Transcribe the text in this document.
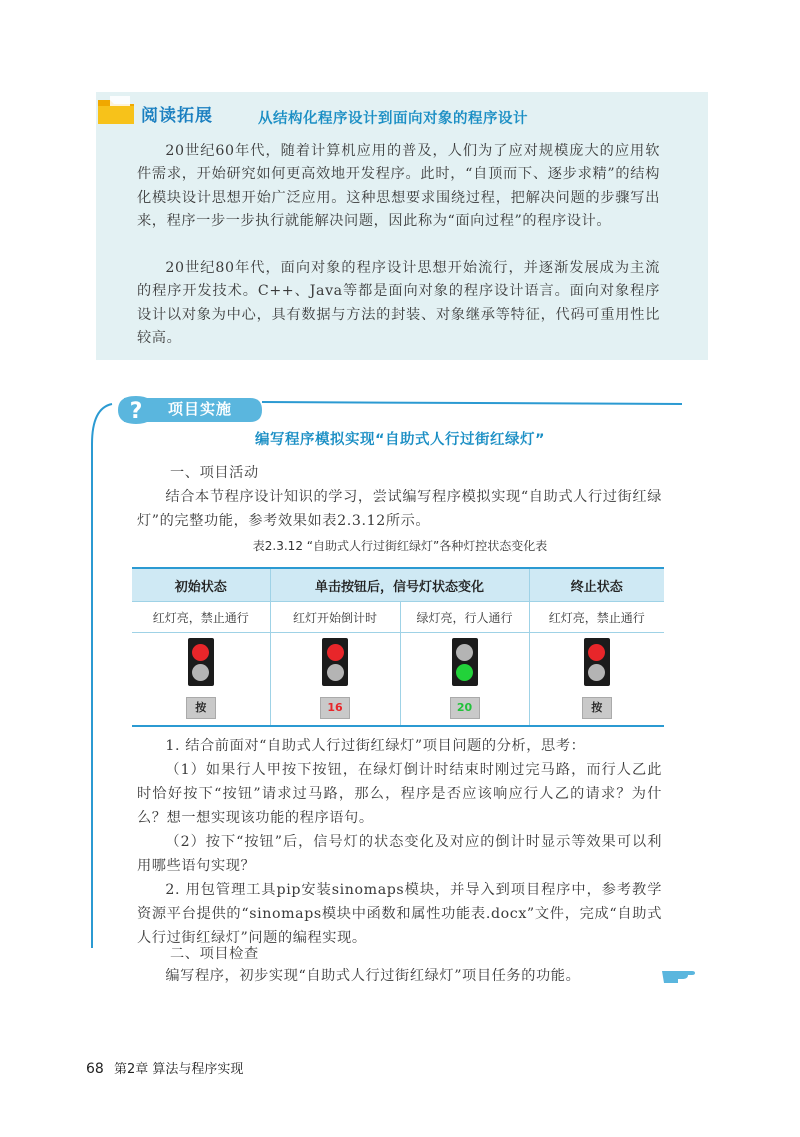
阅读拓展	从结构化程序设计到面向对象的程序设计
20世纪60年代，随着计算机应用的普及，人们为了应对规模庞大的应用软件需求，开始研究如何更高效地开发程序。此时，“自顶而下、逐步求精”的结构化模块设计思想开始广泛应用。这种思想要求围绕过程，把解决问题的步骤写出来，程序一步一步执行就能解决问题，因此称为“面向过程”的程序设计。
20世纪80年代，面向对象的程序设计思想开始流行，并逐渐发展成为主流的程序开发技术。C++、Java等都是面向对象的程序设计语言。面向对象程序设计以对象为中心，具有数据与方法的封装、对象继承等特征，代码可重用性比较高。
? 项目实施
编写程序模拟实现“自助式人行过街红绿灯”
一、项目活动
结合本节程序设计知识的学习，尝试编写程序模拟实现“自助式人行过街红绿灯”的完整功能，参考效果如表2.3.12所示。
表2.3.12 “自助式人行过街红绿灯”各种灯控状态变化表
初始状态	单击按钮后，信号灯状态变化		终止状态
红灯亮，禁止通行	红灯开始倒计时	绿灯亮，行人通行	红灯亮，禁止通行

按	16	20	按
1. 结合前面对“自助式人行过街红绿灯”项目问题的分析，思考：
（1）如果行人甲按下按钮，在绿灯倒计时结束时刚过完马路，而行人乙此时恰好按下“按钮”请求过马路，那么，程序是否应该响应行人乙的请求？为什么？想一想实现该功能的程序语句。
（2）按下“按钮”后，信号灯的状态变化及对应的倒计时显示等效果可以利用哪些语句实现？
2. 用包管理工具pip安装sinomaps模块，并导入到项目程序中，参考教学资源平台提供的“sinomaps模块中函数和属性功能表.docx”文件，完成“自助式人行过街红绿灯”问题的编程实现。
二、项目检查
编写程序，初步实现“自助式人行过街红绿灯”项目任务的功能。
68 第2章 算法与程序实现
